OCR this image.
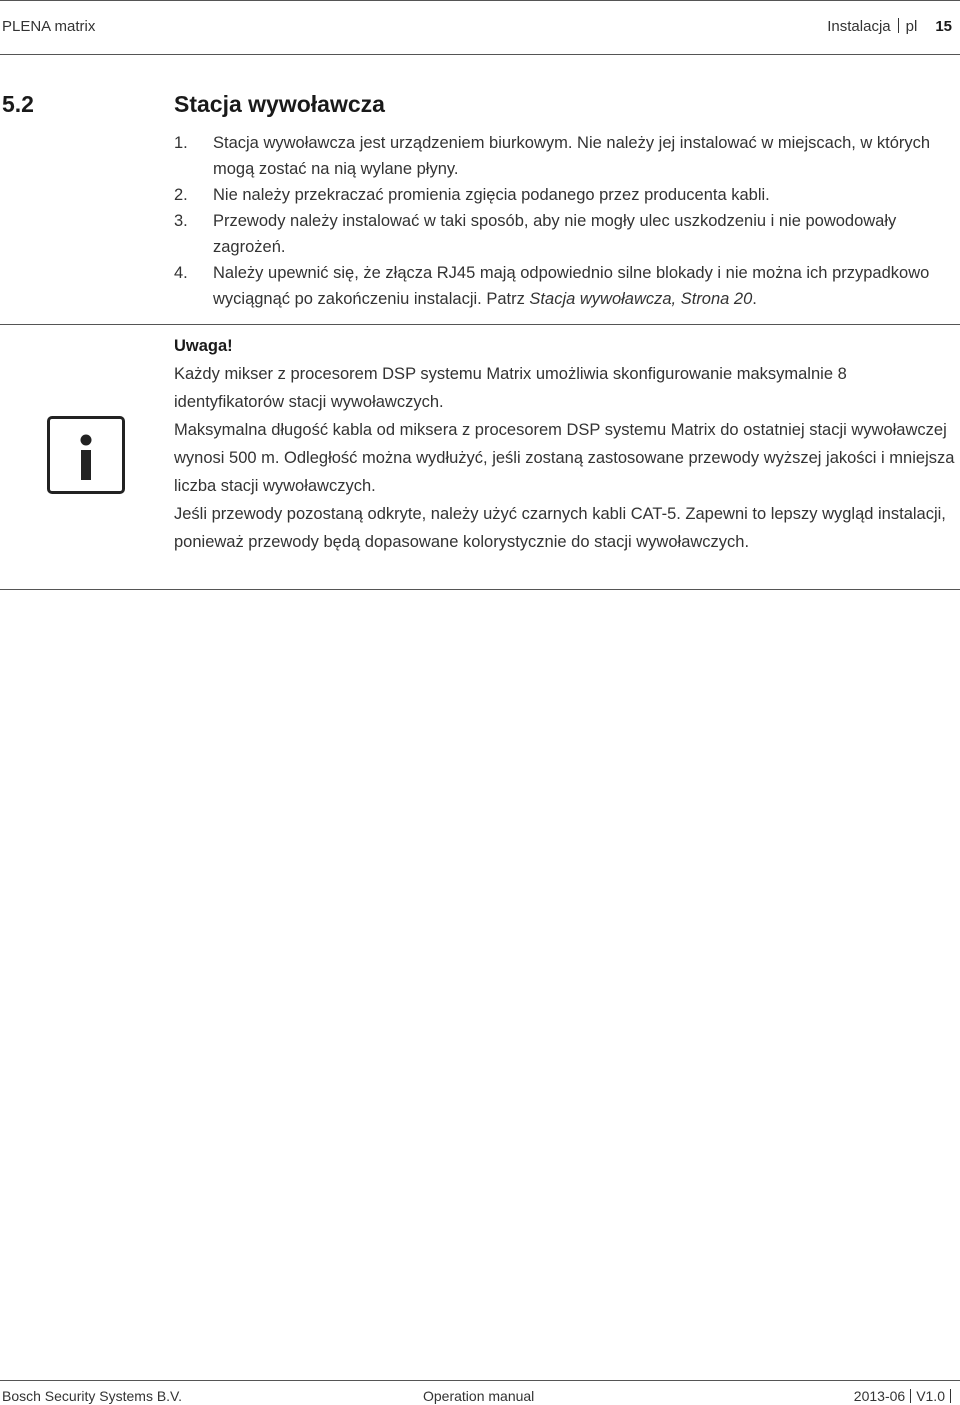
PLENA matrix	Instalacja pl 15
5.2	Stacja wywoławcza
1. Stacja wywoławcza jest urządzeniem biurkowym. Nie należy jej instalować w miejscach, w których mogą zostać na nią wylane płyny.
2. Nie należy przekraczać promienia zgięcia podanego przez producenta kabli.
3. Przewody należy instalować w taki sposób, aby nie mogły ulec uszkodzeniu i nie powodowały zagrożeń.
4. Należy upewnić się, że złącza RJ45 mają odpowiednio silne blokady i nie można ich przypadkowo wyciągnąć po zakończeniu instalacji. Patrz Stacja wywoławcza, Strona 20.
Uwaga!

Każdy mikser z procesorem DSP systemu Matrix umożliwia skonfigurowanie maksymalnie 8 identyfikatorów stacji wywoławczych.

Maksymalna długość kabla od miksera z procesorem DSP systemu Matrix do ostatniej stacji wywoławczej wynosi 500 m. Odległość można wydłużyć, jeśli zostaną zastosowane przewody wyższej jakości i mniejsza liczba stacji wywoławczych.

Jeśli przewody pozostaną odkryte, należy użyć czarnych kabli CAT-5. Zapewni to lepszy wygląd instalacji, ponieważ przewody będą dopasowane kolorystycznie do stacji wywoławczych.

Bosch Security Systems B.V.	Operation manual	2013-06 V1.0
